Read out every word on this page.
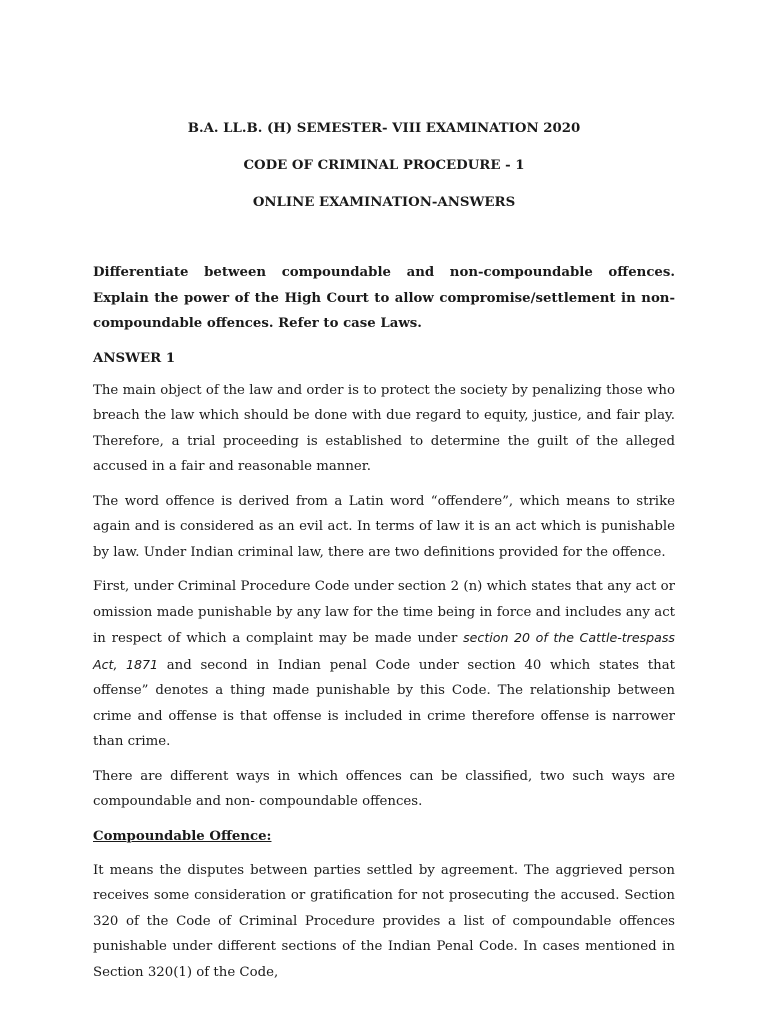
B.A. LL.B. (H) SEMESTER- VIII EXAMINATION 2020

CODE OF CRIMINAL PROCEDURE - 1

ONLINE EXAMINATION-ANSWERS

Differentiate between compoundable and non-compoundable offences. Explain the power of the High Court to allow compromise/settlement in non-compoundable offences. Refer to case Laws.

ANSWER 1

The main object of the law and order is to protect the society by penalizing those who breach the law which should be done with due regard to equity, justice, and fair play. Therefore, a trial proceeding is established to determine the guilt of the alleged accused in a fair and reasonable manner.

The word offence is derived from a Latin word “offendere”, which means to strike again and is considered as an evil act. In terms of law it is an act which is punishable by law. Under Indian criminal law, there are two definitions provided for the offence.

First, under Criminal Procedure Code under section 2 (n) which states that any act or omission made punishable by any law for the time being in force and includes any act in respect of which a complaint may be made under section 20 of the Cattle-trespass Act, 1871 and second in Indian penal Code under section 40 which states that offense” denotes a thing made punishable by this Code. The relationship between crime and offense is that offense is included in crime therefore offense is narrower than crime.

There are different ways in which offences can be classified, two such ways are compoundable and non- compoundable offences.

Compoundable Offence:

It means the disputes between parties settled by agreement. The aggrieved person receives some consideration or gratification for not prosecuting the accused. Section 320 of the Code of Criminal Procedure provides a list of compoundable offences punishable under different sections of the Indian Penal Code. In cases mentioned in Section 320(1) of the Code,
